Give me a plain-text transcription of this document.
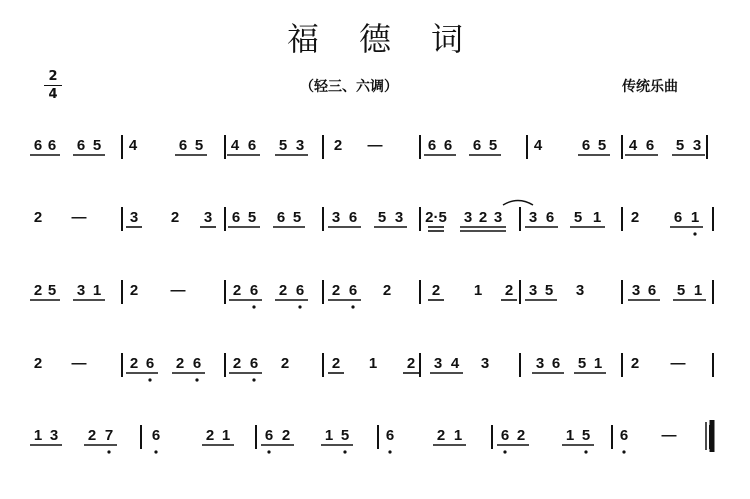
福德词
2
4	（轻三、六调）	传统乐曲
6 6 6 5 4	6 5 4 6 5 3 2 —	6 6 6 5 4	6 5 4 6 5 3
2 —	3 2 3 6 5 6 5 3 6 5 3 2·5 3 2 3 3 6 5 1 2 6 1
2 5 3 1 2 —	2 6 2 6 2 6 2	2 1 2 3 5 3	3 6 5 1
2 —	2 6 2 6 2 6 2	2 1 2 3 4 3	3 6 5 1 2 —
1 3 2 7	6	2 1 6 2 1 5 6	2 1	6 2	1 5 6 —
